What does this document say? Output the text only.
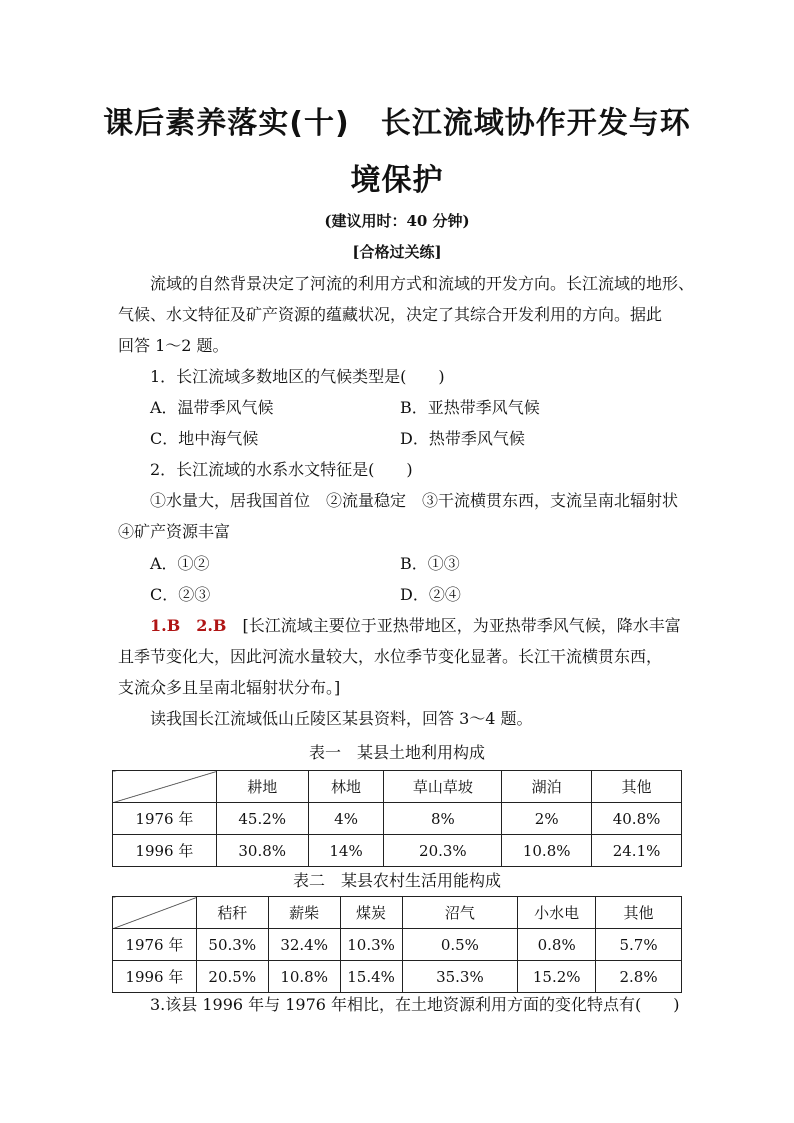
课后素养落实(十)　长江流域协作开发与环
境保护
(建议用时：40 分钟)
[合格过关练]
流域的自然背景决定了河流的利用方式和流域的开发方向。长江流域的地形、
气候、水文特征及矿产资源的蕴藏状况，决定了其综合开发利用的方向。据此
回答 1～2 题。
1．长江流域多数地区的气候类型是(　　)
A．温带季风气候	B．亚热带季风气候
C．地中海气候	D．热带季风气候
2．长江流域的水系水文特征是(　　)
①水量大，居我国首位　②流量稳定　③干流横贯东西，支流呈南北辐射状
④矿产资源丰富
A．①②	B．①③
C．②③	D．②④
1.B　2.B　[长江流域主要位于亚热带地区，为亚热带季风气候，降水丰富
且季节变化大，因此河流水量较大，水位季节变化显著。长江干流横贯东西，
支流众多且呈南北辐射状分布。]
读我国长江流域低山丘陵区某县资料，回答 3～4 题。
表一　某县土地利用构成
	耕地	林地	草山草坡	湖泊	其他
1976 年	45.2%	4%	8%	2%	40.8%
1996 年	30.8%	14%	20.3%	10.8%	24.1%
表二　某县农村生活用能构成
	秸秆	薪柴	煤炭	沼气	小水电	其他
1976 年	50.3%	32.4%	10.3%	0.5%	0.8%	5.7%
1996 年	20.5%	10.8%	15.4%	35.3%	15.2%	2.8%
3.该县 1996 年与 1976 年相比，在土地资源利用方面的变化特点有(　　)
